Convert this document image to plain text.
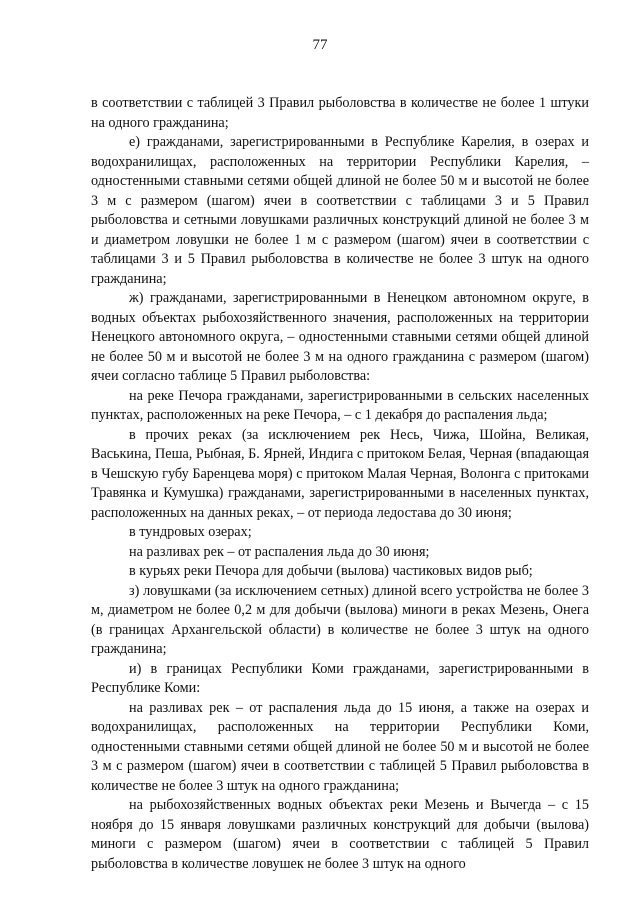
77

в соответствии с таблицей 3 Правил рыболовства в количестве не более 1 штуки на одного гражданина;

е) гражданами, зарегистрированными в Республике Карелия, в озерах и водохранилищах, расположенных на территории Республики Карелия, – одностенными ставными сетями общей длиной не более 50 м и высотой не более 3 м с размером (шагом) ячеи в соответствии с таблицами 3 и 5 Правил рыболовства и сетными ловушками различных конструкций длиной не более 3 м и диаметром ловушки не более 1 м с размером (шагом) ячеи в соответствии с таблицами 3 и 5 Правил рыболовства в количестве не более 3 штук на одного гражданина;

ж) гражданами, зарегистрированными в Ненецком автономном округе, в водных объектах рыбохозяйственного значения, расположенных на территории Ненецкого автономного округа, – одностенными ставными сетями общей длиной не более 50 м и высотой не более 3 м на одного гражданина с размером (шагом) ячеи согласно таблице 5 Правил рыболовства:

на реке Печора гражданами, зарегистрированными в сельских населенных пунктах, расположенных на реке Печора, – с 1 декабря до распаления льда;

в прочих реках (за исключением рек Несь, Чижа, Шойна, Великая, Васькина, Пеша, Рыбная, Б. Ярней, Индига с притоком Белая, Черная (впадающая в Чешскую губу Баренцева моря) с притоком Малая Черная, Волонга с притоками Травянка и Кумушка) гражданами, зарегистрированными в населенных пунктах, расположенных на данных реках, – от периода ледостава до 30 июня;

в тундровых озерах;

на разливах рек – от распаления льда до 30 июня;

в курьях реки Печора для добычи (вылова) частиковых видов рыб;

з) ловушками (за исключением сетных) длиной всего устройства не более 3 м, диаметром не более 0,2 м для добычи (вылова) миноги в реках Мезень, Онега (в границах Архангельской области) в количестве не более 3 штук на одного гражданина;

и) в границах Республики Коми гражданами, зарегистрированными в Республике Коми:

на разливах рек – от распаления льда до 15 июня, а также на озерах и водохранилищах, расположенных на территории Республики Коми, одностенными ставными сетями общей длиной не более 50 м и высотой не более 3 м с размером (шагом) ячеи в соответствии с таблицей 5 Правил рыболовства в количестве не более 3 штук на одного гражданина;

на рыбохозяйственных водных объектах реки Мезень и Вычегда – с 15 ноября до 15 января ловушками различных конструкций для добычи (вылова) миноги с размером (шагом) ячеи в соответствии с таблицей 5 Правил рыболовства в количестве ловушек не более 3 штук на одного
